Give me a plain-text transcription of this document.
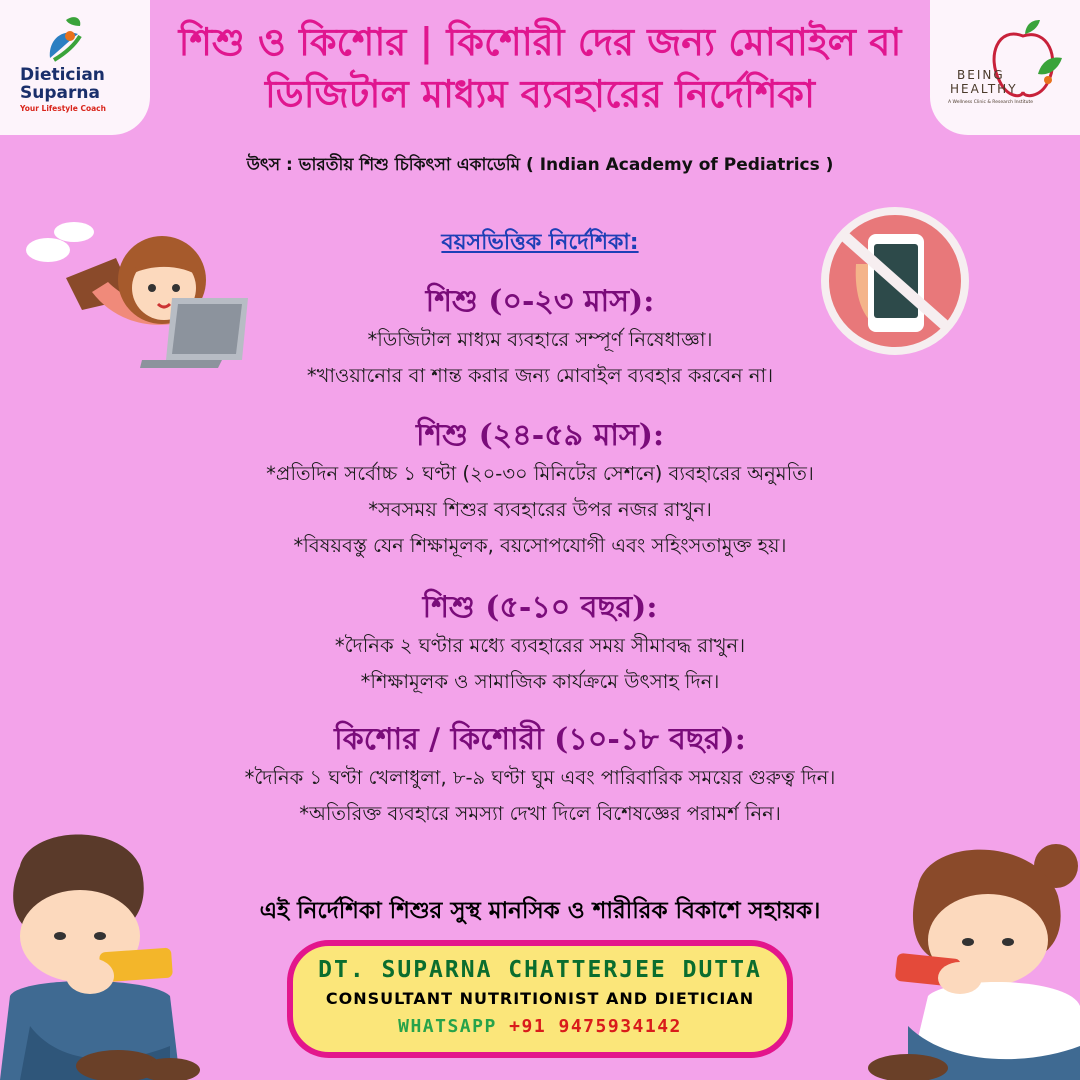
Dietician
Suparna
Your Lifestyle Coach
BEING
HEALTHY
A Wellness Clinic & Research Institute
শিশু ও কিশোর | কিশোরী দের জন্য মোবাইল বা
ডিজিটাল মাধ্যম ব্যবহারের নির্দেশিকা
উৎস : ভারতীয় শিশু চিকিৎসা একাডেমি ( Indian Academy of Pediatrics )
বয়সভিত্তিক নির্দেশিকা:
শিশু (০-২৩ মাস):
*ডিজিটাল মাধ্যম ব্যবহারে সম্পূর্ণ নিষেধাজ্ঞা।
*খাওয়ানোর বা শান্ত করার জন্য মোবাইল ব্যবহার করবেন না।
শিশু (২৪-৫৯ মাস):
*প্রতিদিন সর্বোচ্চ ১ ঘণ্টা (২০-৩০ মিনিটের সেশনে) ব্যবহারের অনুমতি।
*সবসময় শিশুর ব্যবহারের উপর নজর রাখুন।
*বিষয়বস্তু যেন শিক্ষামূলক, বয়সোপযোগী এবং সহিংসতামুক্ত হয়।
শিশু (৫-১০ বছর):
*দৈনিক ২ ঘণ্টার মধ্যে ব্যবহারের সময় সীমাবদ্ধ রাখুন।
*শিক্ষামূলক ও সামাজিক কার্যক্রমে উৎসাহ দিন।
কিশোর / কিশোরী (১০-১৮ বছর):
*দৈনিক ১ ঘণ্টা খেলাধুলা, ৮-৯ ঘণ্টা ঘুম এবং পারিবারিক সময়ের গুরুত্ব দিন।
*অতিরিক্ত ব্যবহারে সমস্যা দেখা দিলে বিশেষজ্ঞের পরামর্শ নিন।
এই নির্দেশিকা শিশুর সুস্থ মানসিক ও শারীরিক বিকাশে সহায়ক।
DT. SUPARNA CHATTERJEE DUTTA
CONSULTANT NUTRITIONIST AND DIETICIAN
WHATSAPP +91 9475934142
